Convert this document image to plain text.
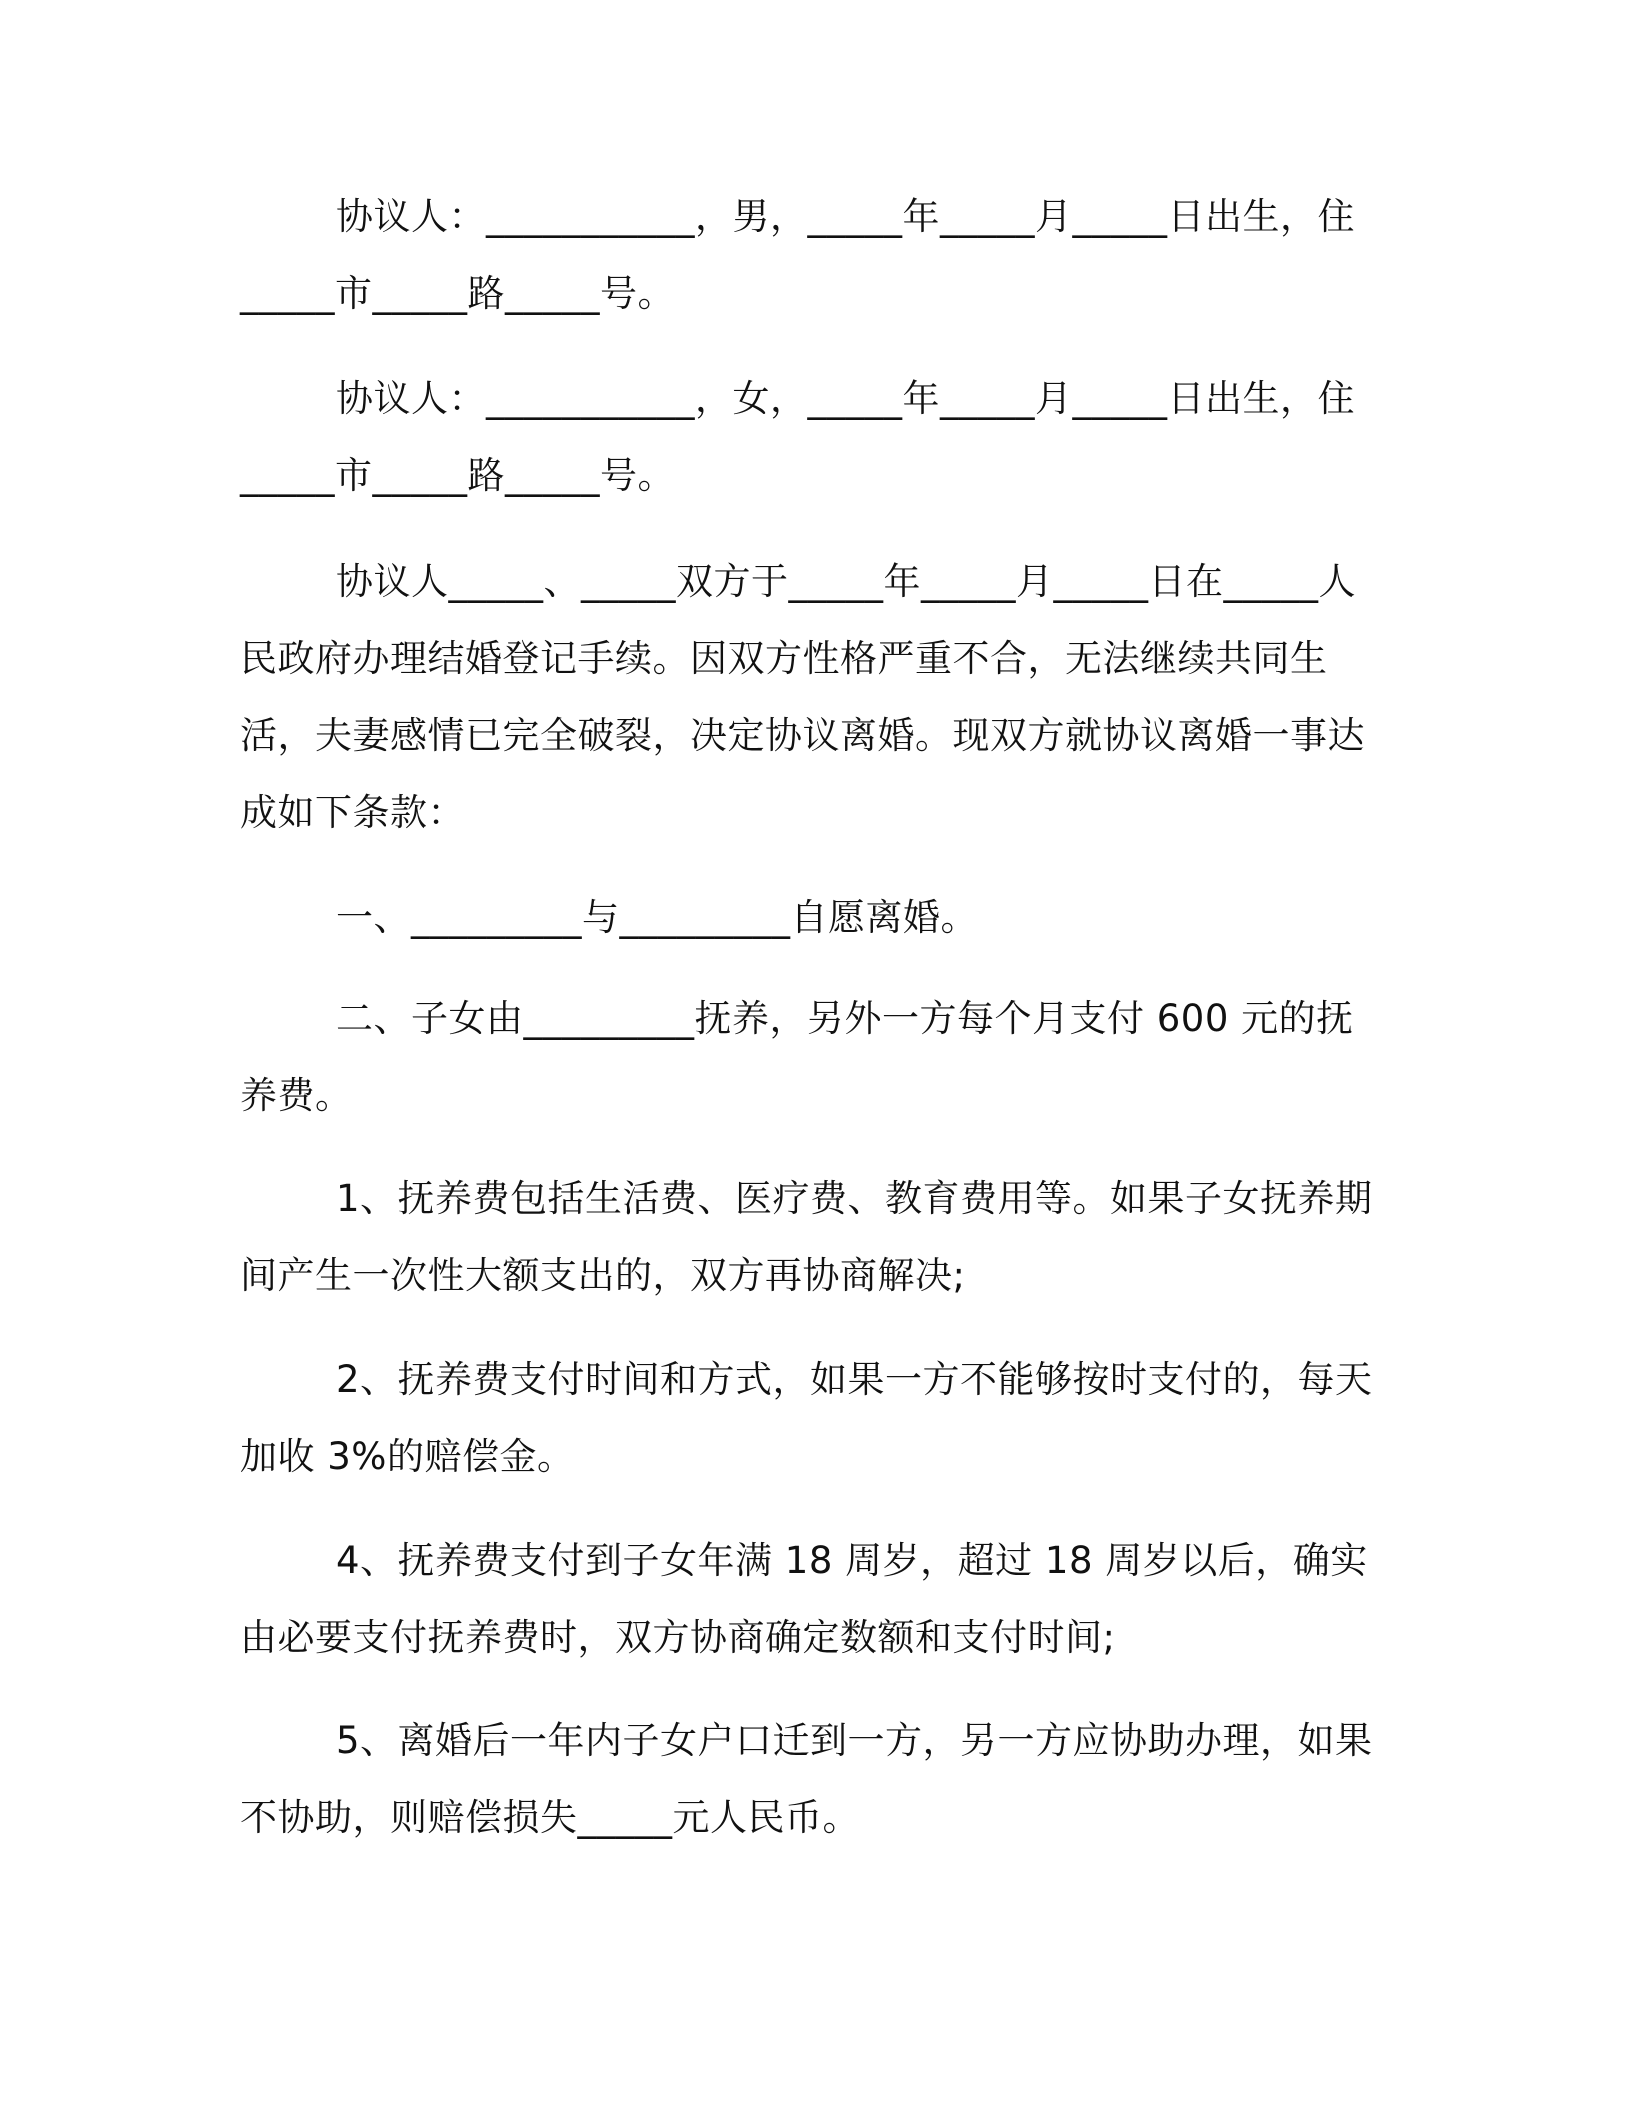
协议人：___________，男，_____年_____月_____日出生，住_____市_____路_____号。

协议人：___________，女，_____年_____月_____日出生，住_____市_____路_____号。

协议人_____、_____双方于_____年_____月_____日在_____人民政府办理结婚登记手续。因双方性格严重不合，无法继续共同生活，夫妻感情已完全破裂，决定协议离婚。现双方就协议离婚一事达成如下条款：

一、_________与_________自愿离婚。

二、子女由_________抚养，另外一方每个月支付 600 元的抚养费。

1、抚养费包括生活费、医疗费、教育费用等。如果子女抚养期间产生一次性大额支出的，双方再协商解决;

2、抚养费支付时间和方式，如果一方不能够按时支付的，每天加收 3%的赔偿金。

4、抚养费支付到子女年满 18 周岁，超过 18 周岁以后，确实由必要支付抚养费时，双方协商确定数额和支付时间;

5、离婚后一年内子女户口迁到一方，另一方应协助办理，如果不协助，则赔偿损失_____元人民币。
